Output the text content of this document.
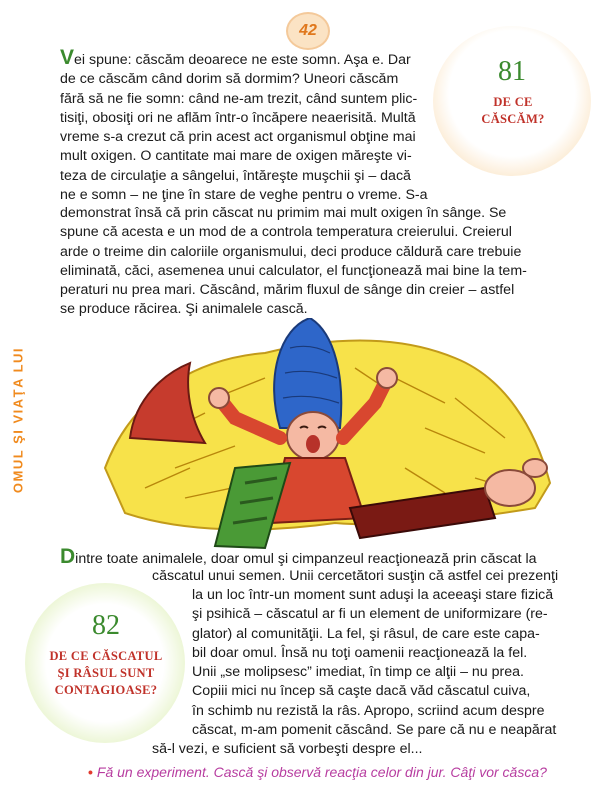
42
81
DE CE
CĂSCĂM?
OMUL ŞI VIAŢA LUI
Vei spune: căscăm deoarece ne este somn. Aşa e. Dar
de ce căscăm când dorim să dormim? Uneori căscăm
fără să ne fie somn: când ne-am trezit, când suntem plic-
tisiţi, obosiţi ori ne aflăm într-o încăpere neaerisită. Multă
vreme s-a crezut că prin acest act organismul obţine mai
mult oxigen. O cantitate mai mare de oxigen măreşte vi-
teza de circulaţie a sângelui, întăreşte muşchii şi – dacă
ne e somn – ne ţine în stare de veghe pentru o vreme. S-a
demonstrat însă că prin căscat nu primim mai mult oxigen în sânge. Se
spune că acesta e un mod de a controla temperatura creierului. Creierul
arde o treime din caloriile organismului, deci produce căldură care trebuie
eliminată, căci, asemenea unui calculator, el funcţionează mai bine la tem-
peraturi nu prea mari. Căscând, mărim fluxul de sânge din creier – astfel
se produce răcirea. Şi animalele cască.
82
DE CE CĂSCATUL
ŞI RÂSUL SUNT
CONTAGIOASE?
Dintre toate animalele, doar omul şi cimpanzeul reacţionează prin căscat la
căscatul unui semen. Unii cercetători susţin că astfel cei prezenţi
la un loc într-un moment sunt aduşi la aceeaşi stare fizică
şi psihică – căscatul ar fi un element de uniformizare (re-
glator) al comunităţii. La fel, şi râsul, de care este capa-
bil doar omul. Însă nu toţi oamenii reacţionează la fel.
Unii „se molipsesc” imediat, în timp ce alţii – nu prea.
Copiii mici nu încep să caşte dacă văd căscatul cuiva,
în schimb nu rezistă la râs. Apropo, scriind acum despre
căscat, m-am pomenit căscând. Se pare că nu e neapărat
să-l vezi, e suficient să vorbeşti despre el...
• Fă un experiment. Cască şi observă reacţia celor din jur. Câţi vor căsca?
